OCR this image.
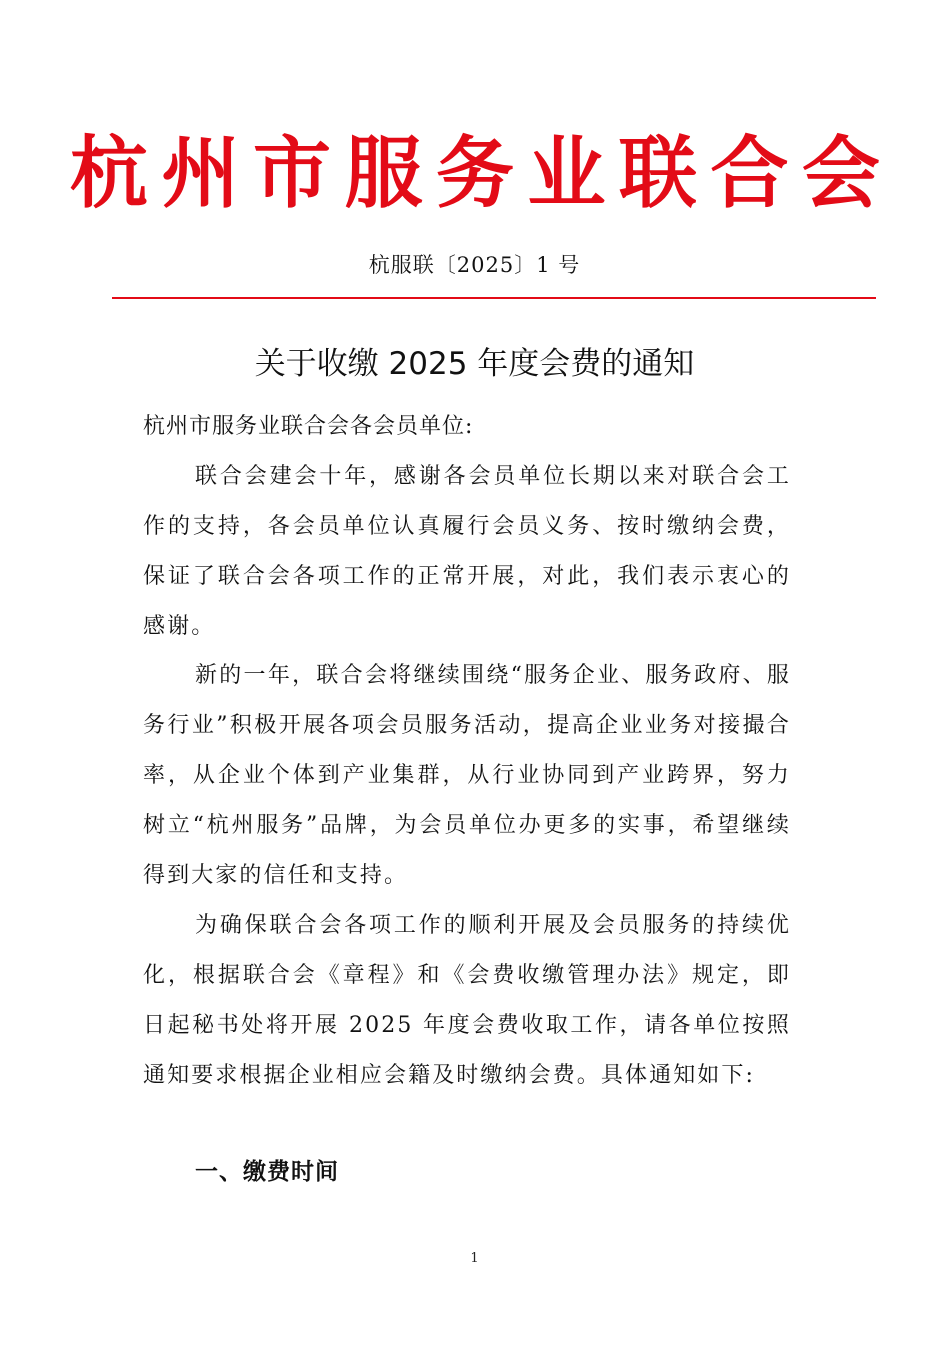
杭 州 市 服 务 业 联 合 会
杭服联〔2025〕1 号
关于收缴 2025 年度会费的通知
杭州市服务业联合会各会员单位:

联合会建会十年，感谢各会员单位长期以来对联合会工作的支持，各会员单位认真履行会员义务、按时缴纳会费，保证了联合会各项工作的正常开展，对此，我们表示衷心的感谢。

新的一年，联合会将继续围绕“服务企业、服务政府、服务行业”积极开展各项会员服务活动，提高企业业务对接撮合率，从企业个体到产业集群，从行业协同到产业跨界，努力树立“杭州服务”品牌，为会员单位办更多的实事，希望继续得到大家的信任和支持。

为确保联合会各项工作的顺利开展及会员服务的持续优化，根据联合会《章程》和《会费收缴管理办法》规定，即日起秘书处将开展 2025 年度会费收取工作，请各单位按照通知要求根据企业相应会籍及时缴纳会费。具体通知如下:

一、缴费时间
1
